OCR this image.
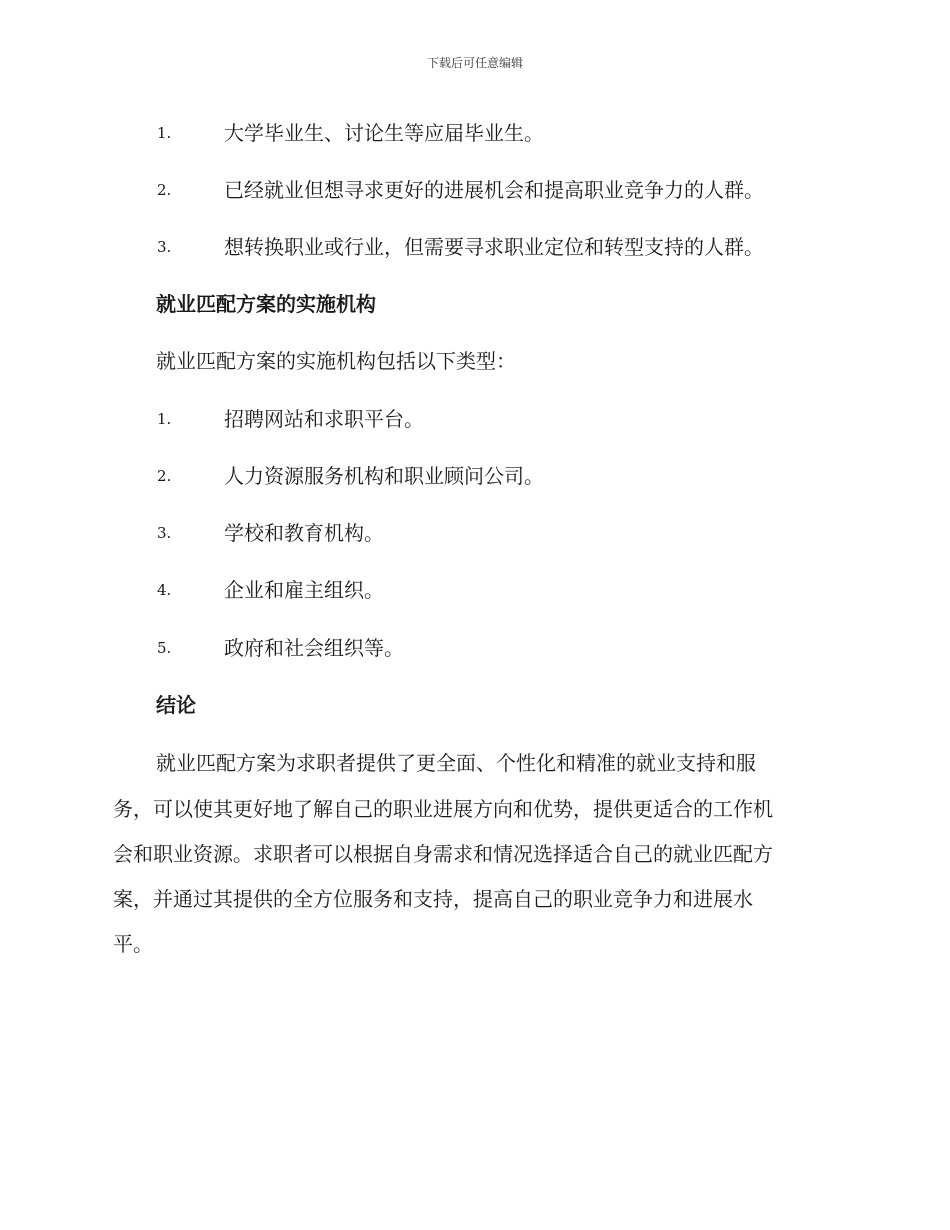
下载后可任意编辑
1.	大学毕业生、讨论生等应届毕业生。
2.	已经就业但想寻求更好的进展机会和提高职业竞争力的人群。
3.	想转换职业或行业，但需要寻求职业定位和转型支持的人群。
就业匹配方案的实施机构
就业匹配方案的实施机构包括以下类型：
1.	招聘网站和求职平台。
2.	人力资源服务机构和职业顾问公司。
3.	学校和教育机构。
4.	企业和雇主组织。
5.	政府和社会组织等。
结论
就业匹配方案为求职者提供了更全面、个性化和精准的就业支持和服
务，可以使其更好地了解自己的职业进展方向和优势，提供更适合的工作机
会和职业资源。求职者可以根据自身需求和情况选择适合自己的就业匹配方
案，并通过其提供的全方位服务和支持，提高自己的职业竞争力和进展水
平。
